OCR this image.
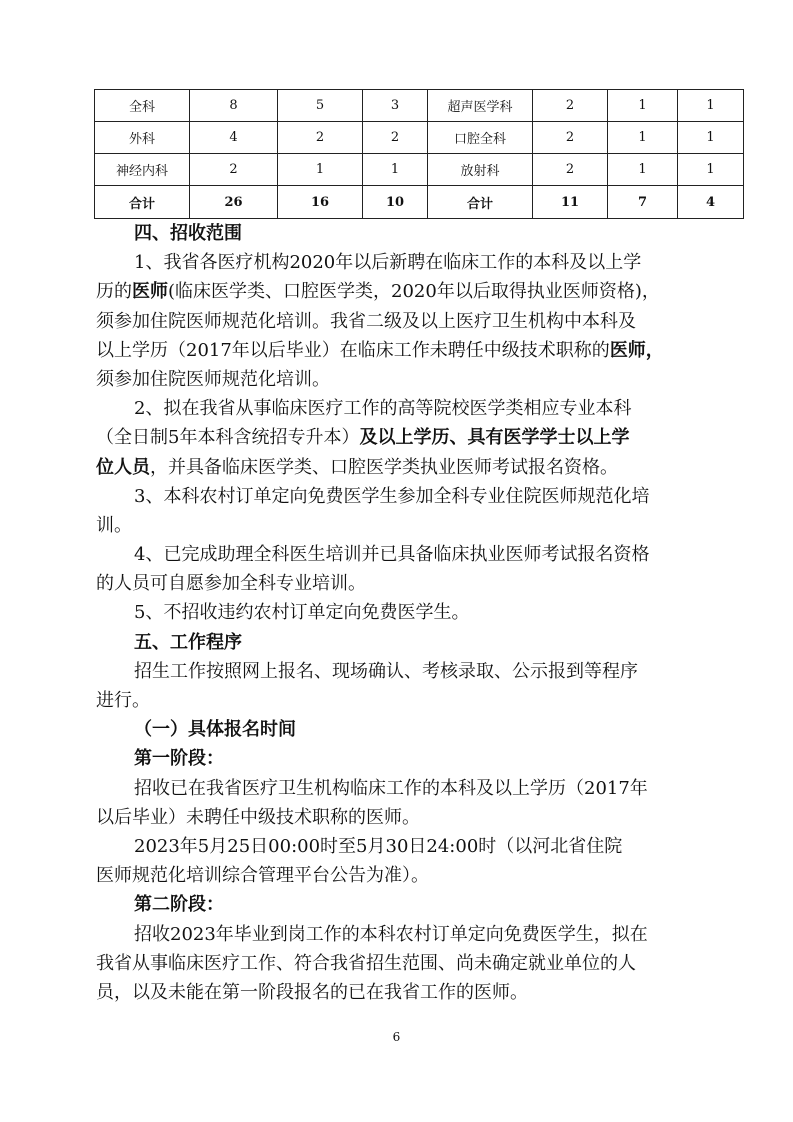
全科	8	5	3	超声医学科	2	1	1
外科	4	2	2	口腔全科	2	1	1
神经内科	2	1	1	放射科	2	1	1
合计	26	16	10	合计	11	7	4
四、招收范围
1、我省各医疗机构2020年以后新聘在临床工作的本科及以上学
历的医师(临床医学类、口腔医学类，2020年以后取得执业医师资格)，
须参加住院医师规范化培训。我省二级及以上医疗卫生机构中本科及
以上学历（2017年以后毕业）在临床工作未聘任中级技术职称的医师，
须参加住院医师规范化培训。
2、拟在我省从事临床医疗工作的高等院校医学类相应专业本科
（全日制5年本科含统招专升本）及以上学历、具有医学学士以上学
位人员，并具备临床医学类、口腔医学类执业医师考试报名资格。
3、本科农村订单定向免费医学生参加全科专业住院医师规范化培
训。
4、已完成助理全科医生培训并已具备临床执业医师考试报名资格
的人员可自愿参加全科专业培训。
5、不招收违约农村订单定向免费医学生。
五、工作程序
招生工作按照网上报名、现场确认、考核录取、公示报到等程序
进行。
（一）具体报名时间
第一阶段：
招收已在我省医疗卫生机构临床工作的本科及以上学历（2017年
以后毕业）未聘任中级技术职称的医师。
2023年5月25日00:00时至5月30日24:00时（以河北省住院
医师规范化培训综合管理平台公告为准）。
第二阶段：
招收2023年毕业到岗工作的本科农村订单定向免费医学生，拟在
我省从事临床医疗工作、符合我省招生范围、尚未确定就业单位的人
员，以及未能在第一阶段报名的已在我省工作的医师。
6
